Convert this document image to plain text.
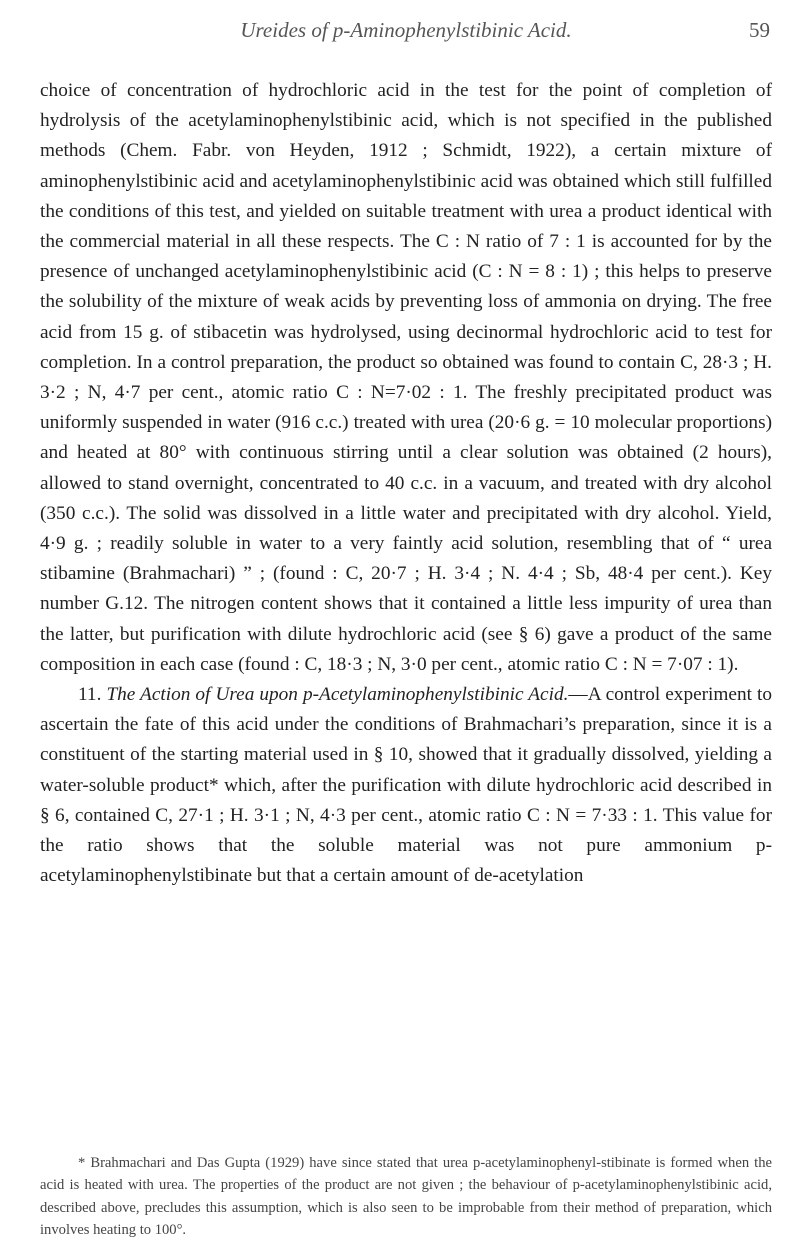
Ureides of p-Aminophenylstibinic Acid.	59

choice of concentration of hydrochloric acid in the test for the point of completion of hydrolysis of the acetylaminophenylstibinic acid, which is not specified in the published methods (Chem. Fabr. von Heyden, 1912 ; Schmidt, 1922), a certain mixture of aminophenylstibinic acid and acetylaminophenylstibinic acid was obtained which still fulfilled the conditions of this test, and yielded on suitable treatment with urea a product identical with the commercial material in all these respects. The C : N ratio of 7 : 1 is accounted for by the presence of unchanged acetylaminophenylstibinic acid (C : N = 8 : 1) ; this helps to preserve the solubility of the mixture of weak acids by preventing loss of ammonia on drying. The free acid from 15 g. of stibacetin was hydrolysed, using decinormal hydrochloric acid to test for completion. In a control preparation, the product so obtained was found to contain C, 28·3 ; H. 3·2 ; N, 4·7 per cent., atomic ratio C : N=7·02 : 1. The freshly precipitated product was uniformly suspended in water (916 c.c.) treated with urea (20·6 g. = 10 molecular proportions) and heated at 80° with continuous stirring until a clear solution was obtained (2 hours), allowed to stand overnight, concentrated to 40 c.c. in a vacuum, and treated with dry alcohol (350 c.c.). The solid was dissolved in a little water and precipitated with dry alcohol. Yield, 4·9 g. ; readily soluble in water to a very faintly acid solution, resembling that of “ urea stibamine (Brahmachari) ” ; (found : C, 20·7 ; H. 3·4 ; N. 4·4 ; Sb, 48·4 per cent.). Key number G.12. The nitrogen content shows that it contained a little less impurity of urea than the latter, but purification with dilute hydrochloric acid (see § 6) gave a product of the same composition in each case (found : C, 18·3 ; N, 3·0 per cent., atomic ratio C : N = 7·07 : 1).

11. The Action of Urea upon p-Acetylaminophenylstibinic Acid.—A control experiment to ascertain the fate of this acid under the conditions of Brahmachari’s preparation, since it is a constituent of the starting material used in § 10, showed that it gradually dissolved, yielding a water-soluble product* which, after the purification with dilute hydrochloric acid described in § 6, contained C, 27·1 ; H. 3·1 ; N, 4·3 per cent., atomic ratio C : N = 7·33 : 1. This value for the ratio shows that the soluble material was not pure ammonium p-acetylaminophenylstibinate but that a certain amount of de-acetylation

* Brahmachari and Das Gupta (1929) have since stated that urea p-acetylaminophenyl-stibinate is formed when the acid is heated with urea. The properties of the product are not given ; the behaviour of p-acetylaminophenylstibinic acid, described above, precludes this assumption, which is also seen to be improbable from their method of preparation, which involves heating to 100°.
